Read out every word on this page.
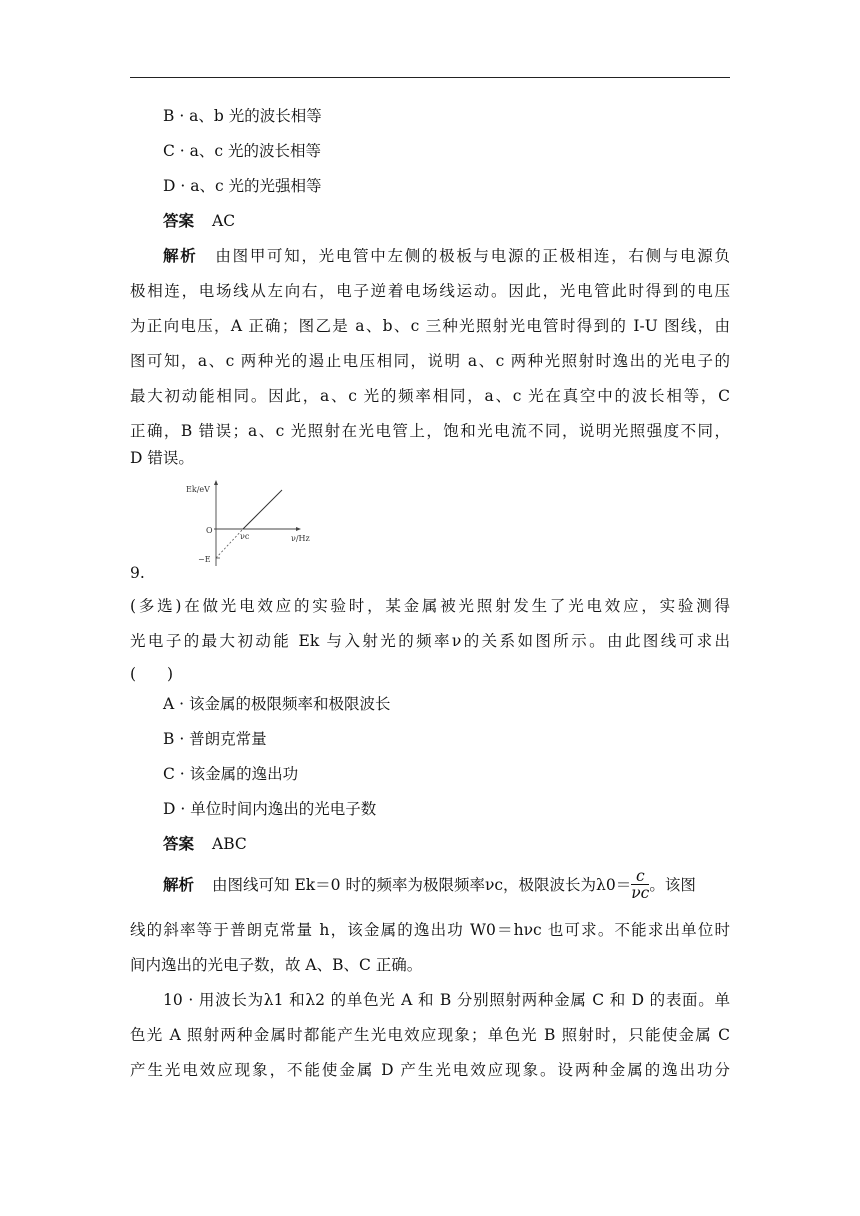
B · a、b 光的波长相等
C · a、c 光的波长相等
D · a、c 光的光强相等
答案 AC
解析 由图甲可知，光电管中左侧的极板与电源的正极相连，右侧与电源负
极相连，电场线从左向右，电子逆着电场线运动。因此，光电管此时得到的电压
为正向电压，A 正确；图乙是 a、b、c 三种光照射光电管时得到的 I-U 图线，由
图可知，a、c 两种光的遏止电压相同，说明 a、c 两种光照射时逸出的光电子的
最大初动能相同。因此，a、c 光的频率相同，a、c 光在真空中的波长相等，C
正确，B 错误；a、c 光照射在光电管上，饱和光电流不同，说明光照强度不同，
D 错误。
Ek/eV
O
−E
νc	ν/Hz
9.
(多选)在做光电效应的实验时，某金属被光照射发生了光电效应，实验测得
光电子的最大初动能 Ek 与入射光的频率ν的关系如图所示。由此图线可求出
(　　)
A · 该金属的极限频率和极限波长
B · 普朗克常量
C · 该金属的逸出功
D · 单位时间内逸出的光电子数
答案 ABC
解析 由图线可知 Ek＝0 时的频率为极限频率νc，极限波长为$\lambda 0= \frac{c}{\nu c}$ 。该图
线的斜率等于普朗克常量 h，该金属的逸出功 W0＝hνc 也可求。不能求出单位时
间内逸出的光电子数，故 A、B、C 正确。
10 · 用波长为λ1 和λ2 的单色光 A 和 B 分别照射两种金属 C 和 D 的表面。单
色光 A 照射两种金属时都能产生光电效应现象；单色光 B 照射时，只能使金属 C
产生光电效应现象，不能使金属 D 产生光电效应现象。设两种金属的逸出功分
